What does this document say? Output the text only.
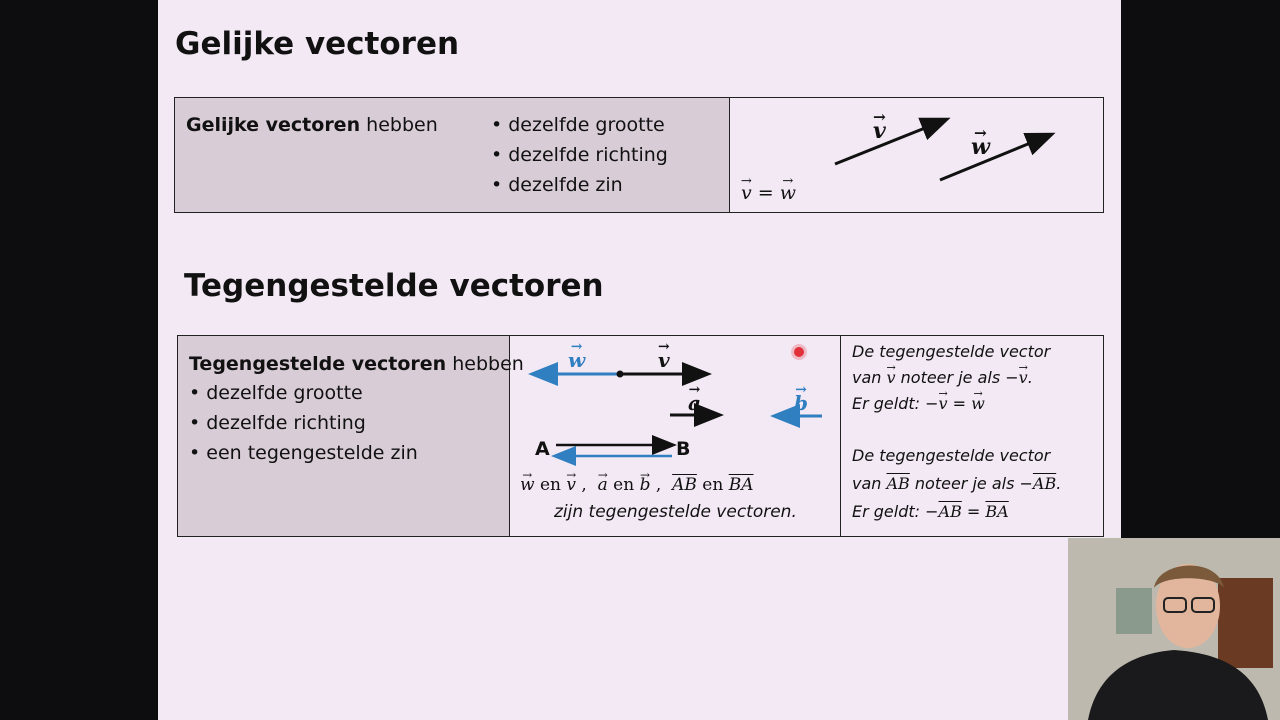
Gelijke vectoren
Gelijke vectoren hebben	• dezelfde grootte
• dezelfde richting
• dezelfde zin
→ v
→ w
→ v = → w
Tegengestelde vectoren
Tegengestelde vectoren hebben
• dezelfde grootte
• dezelfde richting
• een tegengestelde zin
→ w	→ v
→ a	→ b
A	B
→ w en → v ,  → a en → b ,  $\overline{AB}$ en $\overline{BA}$
zijn tegengestelde vectoren.
De tegengestelde vector
van → v noteer je als −→ v.
Er geldt: −→ v = → w
De tegengestelde vector
van $\overline{AB}$ noteer je als $-\overline{AB}$.
Er geldt: $-\overline{AB} = \overline{BA}$
